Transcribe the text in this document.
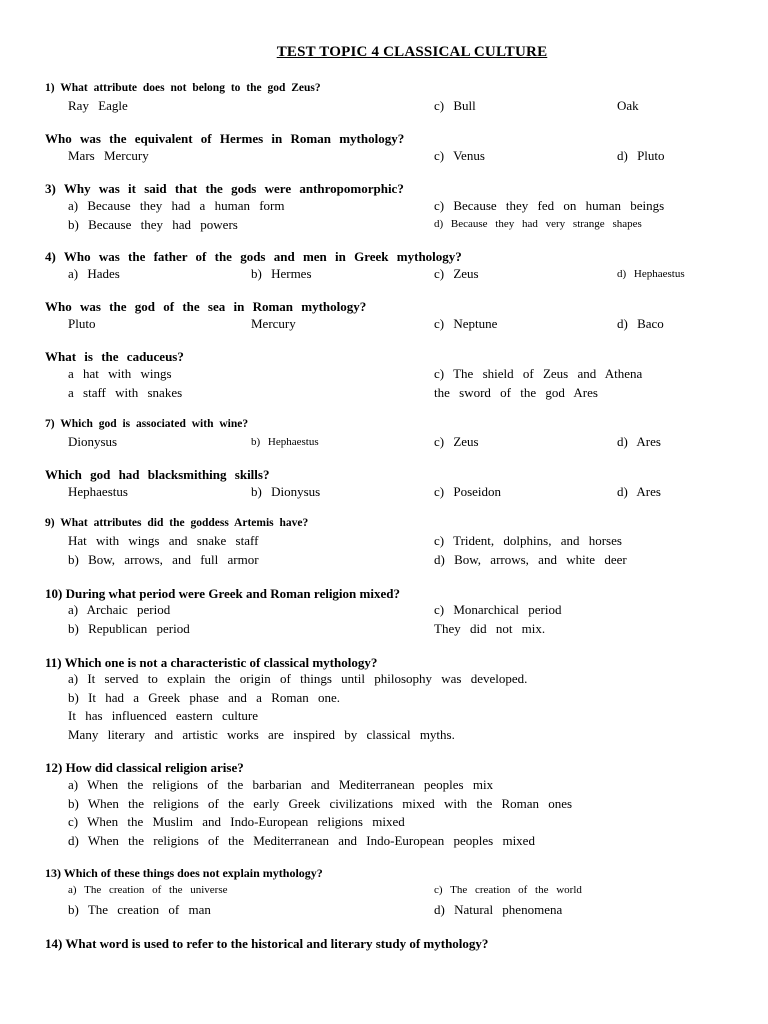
TEST TOPIC 4 CLASSICAL CULTURE
1) What attribute does not belong to the god Zeus?
Ray Eagle	c) Bull	Oak
Who was the equivalent of Hermes in Roman mythology?
Mars Mercury	c) Venus	d) Pluto
3) Why was it said that the gods were anthropomorphic?
a) Because they had a human form	c) Because they fed on human beings
b) Because they had powers	d) Because they had very strange shapes
4) Who was the father of the gods and men in Greek mythology?
a) Hades	b) Hermes	c) Zeus	d) Hephaestus
Who was the god of the sea in Roman mythology?
Pluto	Mercury	c) Neptune	d) Baco
What is the caduceus?
a hat with wings	c) The shield of Zeus and Athena
a staff with snakes	the sword of the god Ares
7) Which god is associated with wine?
Dionysus	b) Hephaestus	c) Zeus	d) Ares
Which god had blacksmithing skills?
Hephaestus	b) Dionysus	c) Poseidon	d) Ares
9) What attributes did the goddess Artemis have?
Hat with wings and snake staff	c) Trident, dolphins, and horses
b) Bow, arrows, and full armor	d) Bow, arrows, and white deer
10) During what period were Greek and Roman religion mixed?
a) Archaic period	c) Monarchical period
b) Republican period	They did not mix.
11) Which one is not a characteristic of classical mythology?
a) It served to explain the origin of things until philosophy was developed.
b) It had a Greek phase and a Roman one.
It has influenced eastern culture
Many literary and artistic works are inspired by classical myths.
12) How did classical religion arise?
a) When the religions of the barbarian and Mediterranean peoples mix
b) When the religions of the early Greek civilizations mixed with the Roman ones
c) When the Muslim and Indo-European religions mixed
d) When the religions of the Mediterranean and Indo-European peoples mixed
13) Which of these things does not explain mythology?
a) The creation of the universe	c) The creation of the world
b) The creation of man	d) Natural phenomena
14) What word is used to refer to the historical and literary study of mythology?
